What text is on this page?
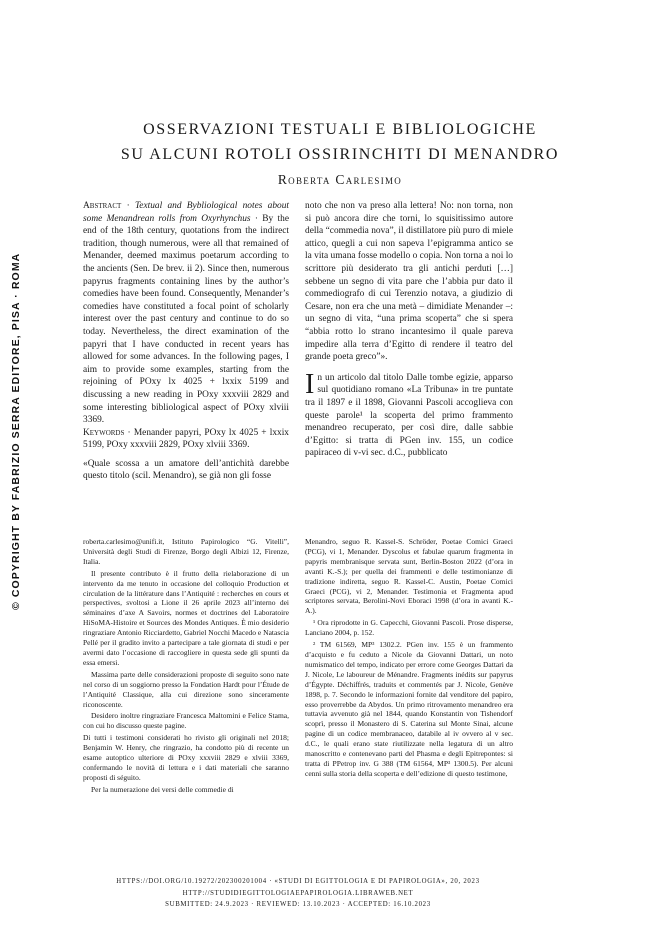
© COPYRIGHT BY FABRIZIO SERRA EDITORE, PISA · ROMA
OSSERVAZIONI TESTUALI E BIBLIOLOGICHE
SU ALCUNI ROTOLI OSSIRINCHITI DI MENANDRO
Roberta Carlesimo

Abstract · Textual and Bybliological notes about some Menandrean rolls from Oxyrhynchus · By the end of the 18th century, quotations from the indirect tradition, though numerous, were all that remained of Menander, deemed maximus poetarum according to the ancients (Sen. De brev. ii 2). Since then, numerous papyrus fragments containing lines by the author’s comedies have been found. Consequently, Menander’s comedies have constituted a focal point of scholarly interest over the past century and continue to do so today. Nevertheless, the direct examination of the papyri that I have conducted in recent years has allowed for some advances. In the following pages, I aim to provide some examples, starting from the rejoining of POxy lx 4025 + lxxix 5199 and discussing a new reading in POxy xxxviii 2829 and some interesting bibliological aspect of POxy xlviii 3369.

Keywords · Menander papyri, POxy lx 4025 + lxxix 5199, POxy xxxviii 2829, POxy xlviii 3369.

«Quale scossa a un amatore dell’antichità darebbe questo titolo (scil. Menandro), se già non gli fosse

noto che non va preso alla lettera! No: non torna, non si può ancora dire che torni, lo squisitissimo autore della “commedia nova”, il distillatore più puro di miele attico, quegli a cui non sapeva l’epigramma antico se la vita umana fosse modello o copia. Non torna a noi lo scrittore più desiderato tra gli antichi perduti […] sebbene un segno di vita pare che l’abbia pur dato il commediografo di cui Terenzio notava, a giudizio di Cesare, non era che una metà – dimidiate Menander –: un segno di vita, “una prima scoperta” che si spera “abbia rotto lo strano incantesimo il quale pareva impedire alla terra d’Egitto di rendere il teatro del grande poeta greco”».

I n un articolo dal titolo Dalle tombe egizie, apparso sul quotidiano romano «La Tribuna» in tre puntate tra il 1897 e il 1898, Giovanni Pascoli accoglieva con queste parole¹ la scoperta del primo frammento menandreo recuperato, per così dire, dalle sabbie d’Egitto: si tratta di PGen inv. 155, un codice papiraceo di v-vi sec. d.C., pubblicato

roberta.carlesimo@unifi.it, Istituto Papirologico “G. Vitelli”, Università degli Studi di Firenze, Borgo degli Albizi 12, Firenze, Italia.

Il presente contributo è il frutto della rielaborazione di un intervento da me tenuto in occasione del colloquio Production et circulation de la littérature dans l’Antiquité : recherches en cours et perspectives, svoltosi a Lione il 26 aprile 2023 all’interno dei séminaires d’axe A Savoirs, normes et doctrines del Laboratoire HiSoMA-Histoire et Sources des Mondes Antiques. È mio desiderio ringraziare Antonio Ricciardetto, Gabriel Nocchi Macedo e Natascia Pellé per il gradito invito a partecipare a tale giornata di studi e per avermi dato l’occasione di raccogliere in questa sede gli spunti da essa emersi.

Massima parte delle considerazioni proposte di seguito sono nate nel corso di un soggiorno presso la Fondation Hardt pour l’Étude de l’Antiquité Classique, alla cui direzione sono sinceramente riconoscente.

Desidero inoltre ringraziare Francesca Maltomini e Felice Stama, con cui ho discusso queste pagine.

Di tutti i testimoni considerati ho rivisto gli originali nel 2018; Benjamin W. Henry, che ringrazio, ha condotto più di recente un esame autoptico ulteriore di POxy xxxviii 2829 e xlviii 3369, confermando le novità di lettura e i dati materiali che saranno proposti di séguito.

Per la numerazione dei versi delle commedie di

Menandro, seguo R. Kassel-S. Schröder, Poetae Comici Graeci (PCG), vi 1, Menander. Dyscolus et fabulae quarum fragmenta in papyris membranisque servata sunt, Berlin-Boston 2022 (d’ora in avanti K.-S.); per quella dei frammenti e delle testimonianze di tradizione indiretta, seguo R. Kassel-C. Austin, Poetae Comici Graeci (PCG), vi 2, Menander. Testimonia et Fragmenta apud scriptores servata, Berolini-Novi Eboraci 1998 (d’ora in avanti K.-A.).

¹ Ora riprodotte in G. Capecchi, Giovanni Pascoli. Prose disperse, Lanciano 2004, p. 152.

² TM 61569, MP³ 1302.2. PGen inv. 155 è un frammento d’acquisto e fu ceduto a Nicole da Giovanni Dattari, un noto numismatico del tempo, indicato per errore come Georges Dattari da J. Nicole, Le laboureur de Ménandre. Fragments inédits sur papyrus d’Égypte. Déchiffrés, traduits et commentés par J. Nicole, Genève 1898, p. 7. Secondo le informazioni fornite dal venditore del papiro, esso proverrebbe da Abydos. Un primo ritrovamento menandreo era tuttavia avvenuto già nel 1844, quando Konstantin von Tishendorf scoprì, presso il Monastero di S. Caterina sul Monte Sinai, alcune pagine di un codice membranaceo, databile al iv ovvero al v sec. d.C., le quali erano state riutilizzate nella legatura di un altro manoscritto e contenevano parti del Phasma e degli Epitrepontes: si tratta di PPetrop inv. G 388 (TM 61564, MP³ 1300.5). Per alcuni cenni sulla storia della scoperta e dell’edizione di questo testimone,

HTTPS://DOI.ORG/10.19272/202300201004 · «STUDI DI EGITTOLOGIA E DI PAPIROLOGIA», 20, 2023
HTTP://STUDIDIEGITTOLOGIAEPAPIROLOGIA.LIBRAWEB.NET
SUBMITTED: 24.9.2023 · REVIEWED: 13.10.2023 · ACCEPTED: 16.10.2023
